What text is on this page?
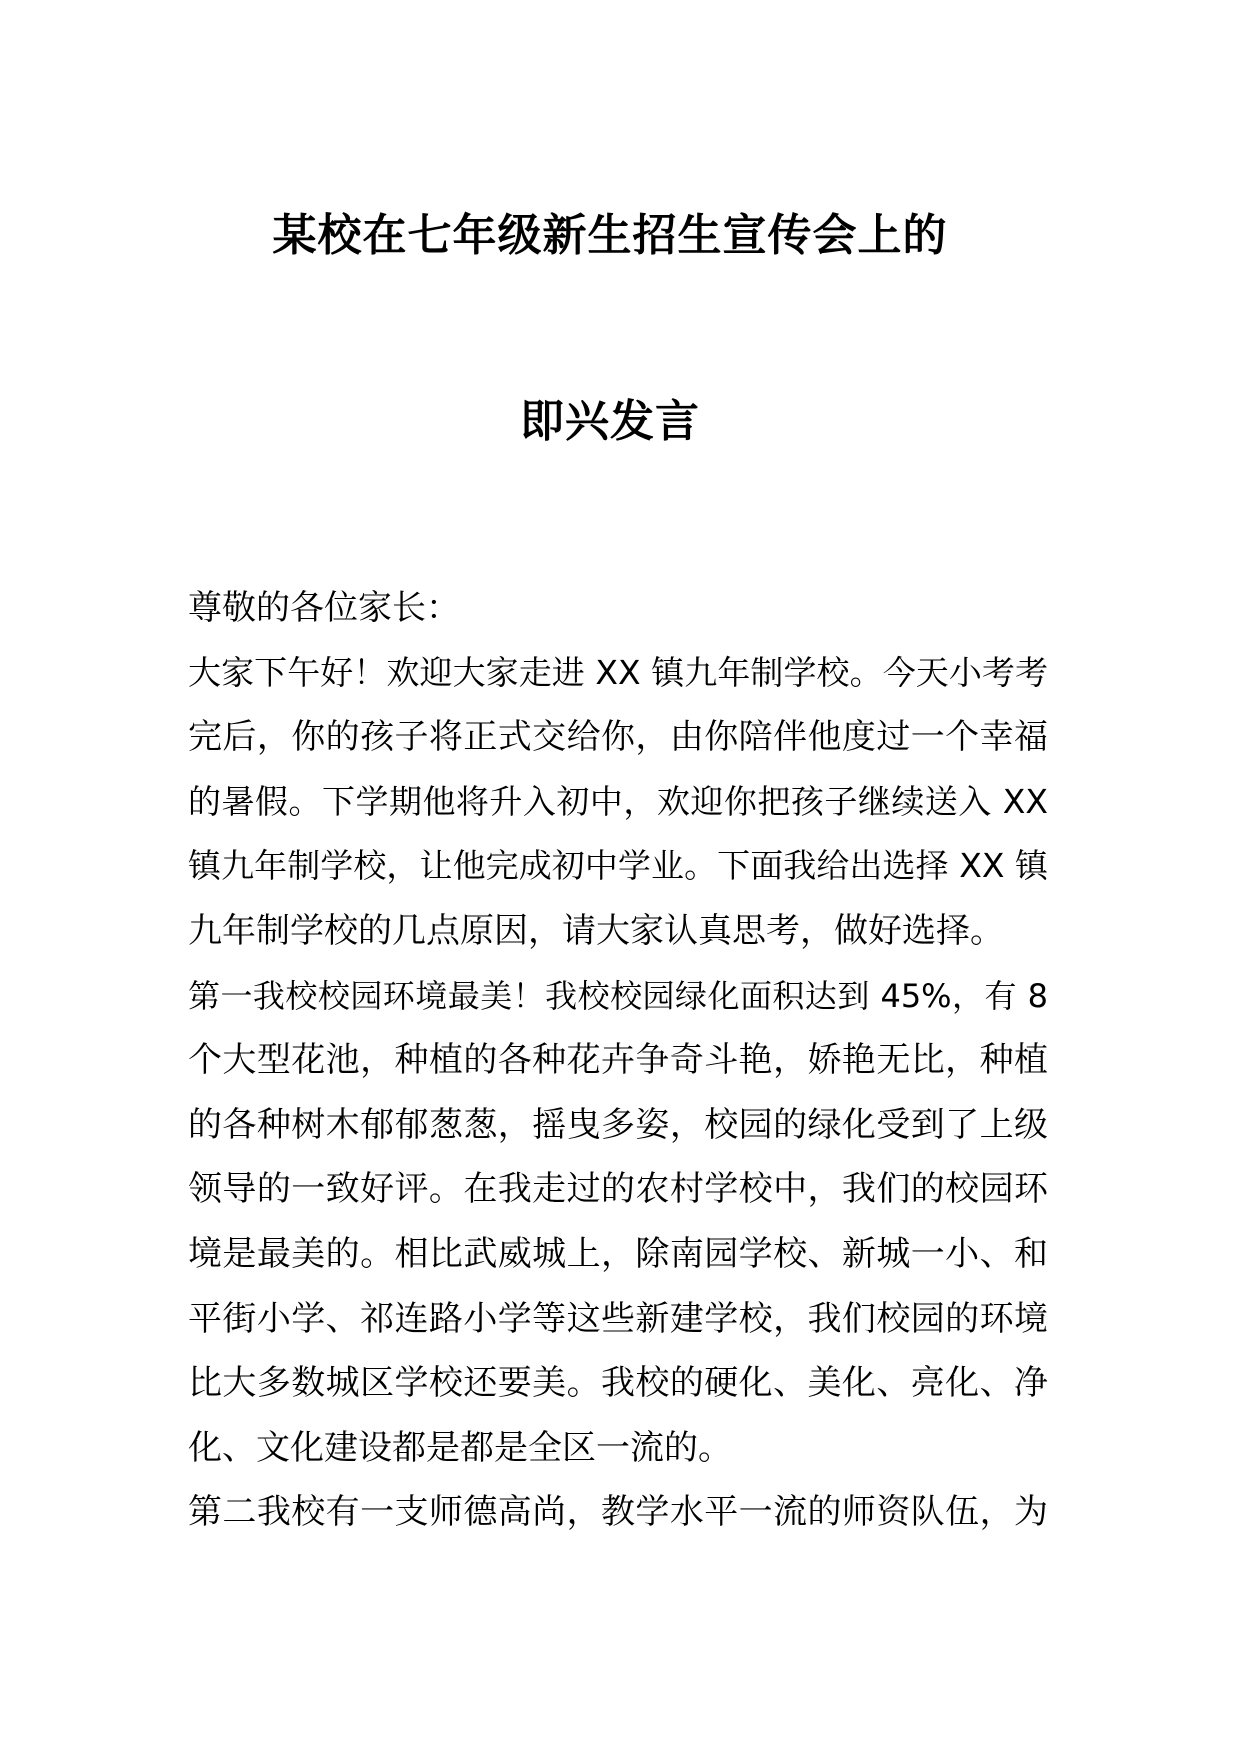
某校在七年级新生招生宣传会上的
即兴发言
尊敬的各位家长：
大家下午好！欢迎大家走进 XX 镇九年制学校。今天小考考
完后，你的孩子将正式交给你，由你陪伴他度过一个幸福
的暑假。下学期他将升入初中，欢迎你把孩子继续送入 XX
镇九年制学校，让他完成初中学业。下面我给出选择 XX 镇
九年制学校的几点原因，请大家认真思考，做好选择。
第一我校校园环境最美！我校校园绿化面积达到 45%，有 8
个大型花池，种植的各种花卉争奇斗艳，娇艳无比，种植
的各种树木郁郁葱葱，摇曳多姿，校园的绿化受到了上级
领导的一致好评。在我走过的农村学校中，我们的校园环
境是最美的。相比武威城上，除南园学校、新城一小、和
平街小学、祁连路小学等这些新建学校，我们校园的环境
比大多数城区学校还要美。我校的硬化、美化、亮化、净
化、文化建设都是都是全区一流的。
第二我校有一支师德高尚，教学水平一流的师资队伍，为
